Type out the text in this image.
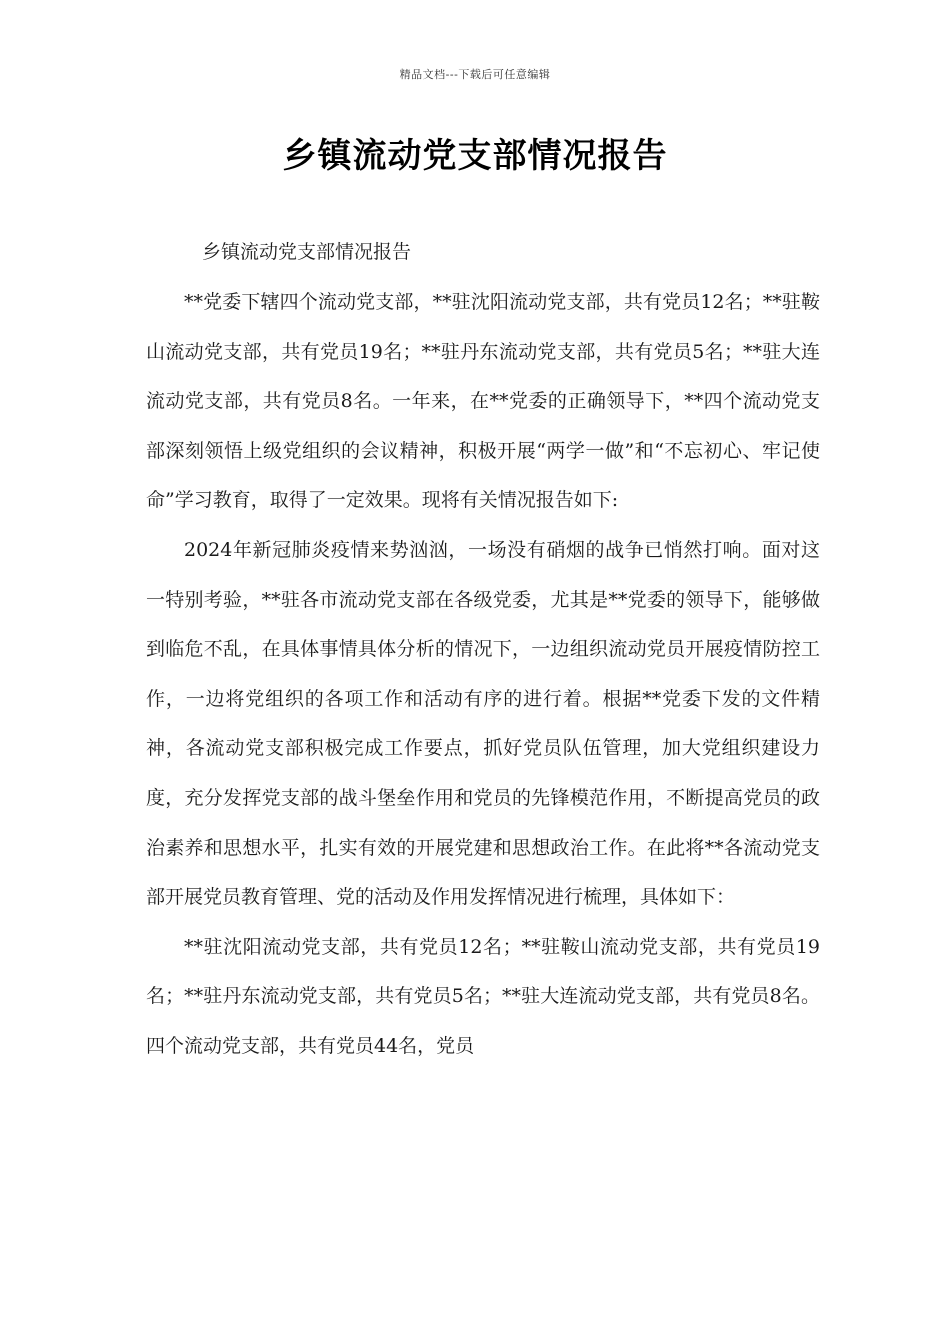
精品文档---下载后可任意编辑
乡镇流动党支部情况报告
乡镇流动党支部情况报告

**党委下辖四个流动党支部，**驻沈阳流动党支部，共有党员12名；**驻鞍山流动党支部，共有党员19名；**驻丹东流动党支部，共有党员5名；**驻大连流动党支部，共有党员8名。一年来，在**党委的正确领导下，**四个流动党支部深刻领悟上级党组织的会议精神，积极开展“两学一做”和“不忘初心、牢记使命”学习教育，取得了一定效果。现将有关情况报告如下:

2024年新冠肺炎疫情来势汹汹，一场没有硝烟的战争已悄然打响。面对这一特别考验，**驻各市流动党支部在各级党委，尤其是**党委的领导下，能够做到临危不乱，在具体事情具体分析的情况下，一边组织流动党员开展疫情防控工作，一边将党组织的各项工作和活动有序的进行着。根据**党委下发的文件精神，各流动党支部积极完成工作要点，抓好党员队伍管理，加大党组织建设力度，充分发挥党支部的战斗堡垒作用和党员的先锋模范作用，不断提高党员的政治素养和思想水平，扎实有效的开展党建和思想政治工作。在此将**各流动党支部开展党员教育管理、党的活动及作用发挥情况进行梳理，具体如下：

**驻沈阳流动党支部，共有党员12名；**驻鞍山流动党支部，共有党员19名；**驻丹东流动党支部，共有党员5名；**驻大连流动党支部，共有党员8名。四个流动党支部，共有党员44名，党员
